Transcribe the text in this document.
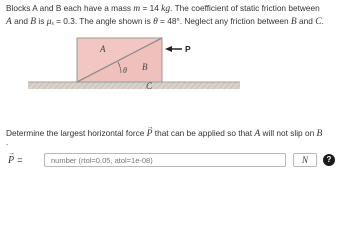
Blocks A and B each have a mass m = 14 kg. The coefficient of static friction between
A and B is μs = 0.3. The angle shown is θ = 48°. Neglect any friction between B and C.
A
B
θ
C
P
Determine the largest horizontal force
→
P that can be applied so that A will not slip on B
.
→
P =
number (rtol=0.05, atol=1e-08)	N	?
